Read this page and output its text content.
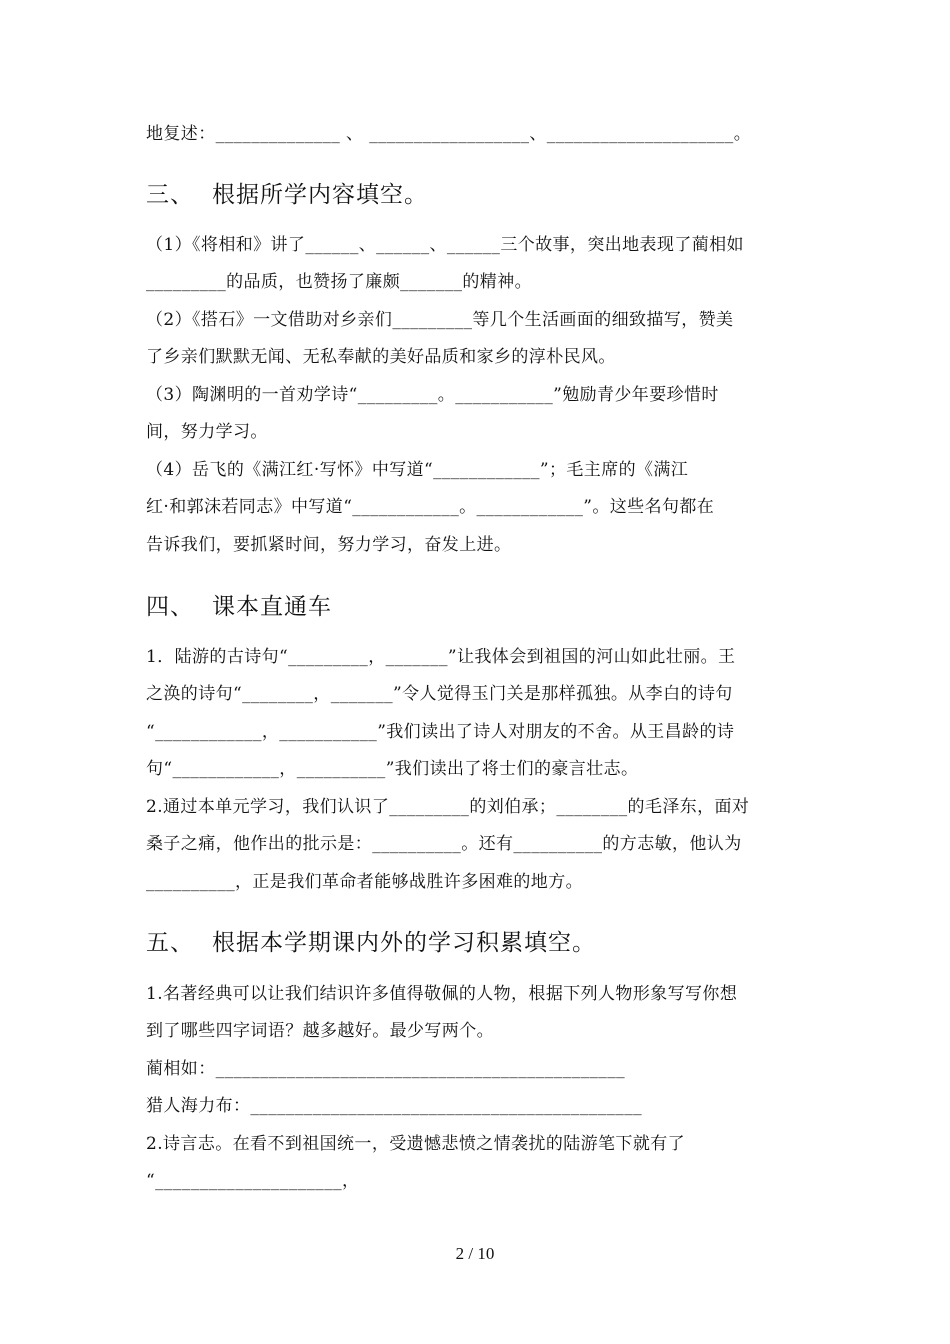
地复述：______________ 、 __________________、_____________________。
三、 根据所学内容填空。
（1）《将相和》讲了______、______、______三个故事，突出地表现了蔺相如
_________的品质，也赞扬了廉颇_______的精神。
（2）《搭石》一文借助对乡亲们_________等几个生活画面的细致描写，赞美
了乡亲们默默无闻、无私奉献的美好品质和家乡的淳朴民风。
（3）陶渊明的一首劝学诗“_________。___________”勉励青少年要珍惜时
间，努力学习。
（4）岳飞的《满江红·写怀》中写道“____________”；毛主席的《满江
红·和郭沫若同志》中写道“____________。____________”。这些名句都在
告诉我们，要抓紧时间，努力学习，奋发上进。
四、 课本直通车
1．陆游的古诗句“_________，_______”让我体会到祖国的河山如此壮丽。王
之涣的诗句“________，_______”令人觉得玉门关是那样孤独。从李白的诗句
“____________，___________”我们读出了诗人对朋友的不舍。从王昌龄的诗
句“____________，__________”我们读出了将士们的豪言壮志。
2.通过本单元学习，我们认识了_________的刘伯承；________的毛泽东，面对
桑子之痛，他作出的批示是：__________。还有__________的方志敏，他认为
__________，正是我们革命者能够战胜许多困难的地方。
五、 根据本学期课内外的学习积累填空。
1.名著经典可以让我们结识许多值得敬佩的人物，根据下列人物形象写写你想
到了哪些四字词语？越多越好。最少写两个。
蔺相如：______________________________________________
猎人海力布：____________________________________________
2.诗言志。在看不到祖国统一，受遗憾悲愤之情袭扰的陆游笔下就有了
“_____________________，
2 / 10
